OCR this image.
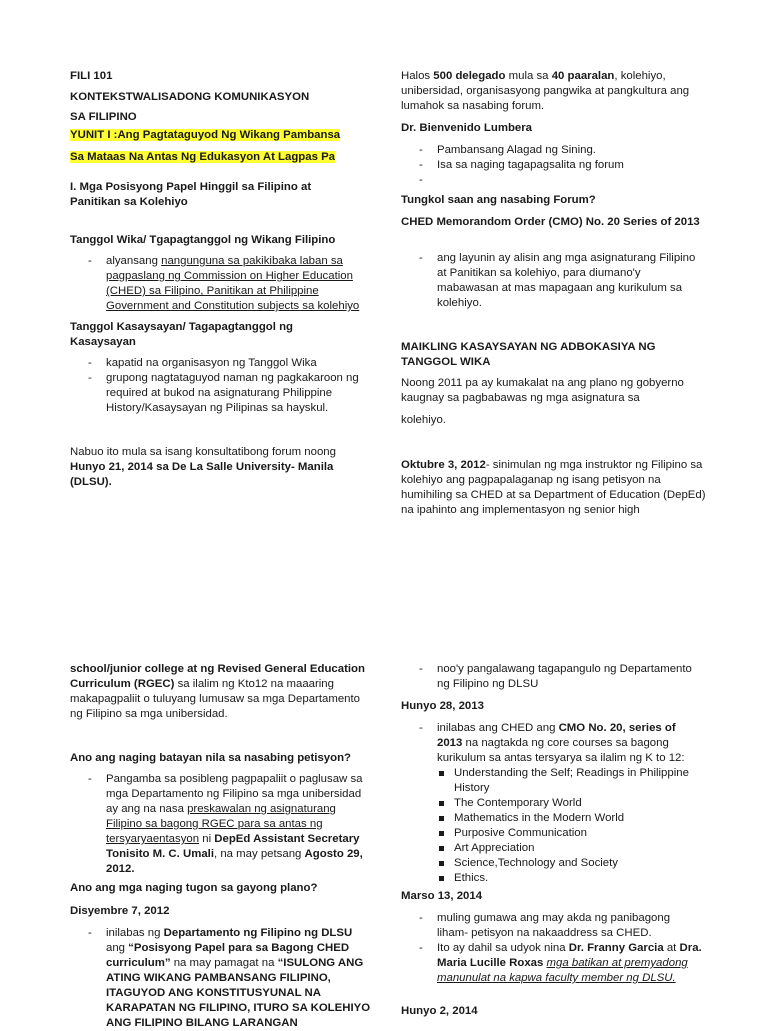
FILI 101
KONTEKSTWALISADONG KOMUNIKASYON
SA FILIPINO
YUNIT I :Ang Pagtataguyod Ng Wikang Pambansa
Sa Mataas Na Antas Ng Edukasyon At Lagpas Pa
I. Mga Posisyong Papel Hinggil sa Filipino at Panitikan sa Kolehiyo
Tanggol Wika/ Tgapagtanggol ng Wikang Filipino
- alyansang nangunguna sa pakikibaka laban sa pagpaslang ng Commission on Higher Education (CHED) sa Filipino, Panitikan at Philippine Government and Constitution subjects sa kolehiyo
Tanggol Kasaysayan/ Tagapagtanggol ng Kasaysayan
- kapatid na organisasyon ng Tanggol Wika
- grupong nagtataguyod naman ng pagkakaroon ng required at bukod na asignaturang Philippine History/Kasaysayan ng Pilipinas sa hayskul.
Nabuo ito mula sa isang konsultatibong forum noong Hunyo 21, 2014 sa De La Salle University- Manila (DLSU).
Halos 500 delegado mula sa 40 paaralan, kolehiyo, unibersidad, organisasyong pangwika at pangkultura ang lumahok sa nasabing forum.
Dr. Bienvenido Lumbera
- Pambansang Alagad ng Sining.
- Isa sa naging tagapagsalita ng forum
-
Tungkol saan ang nasabing Forum?
CHED Memorandom Order (CMO) No. 20 Series of 2013
- ang layunin ay alisin ang mga asignaturang Filipino at Panitikan sa kolehiyo, para diumano'y mabawasan at mas mapagaan ang kurikulum sa kolehiyo.
MAIKLING KASAYSAYAN NG ADBOKASIYA NG TANGGOL WIKA
Noong 2011 pa ay kumakalat na ang plano ng gobyerno kaugnay sa pagbabawas ng mga asignatura sa
kolehiyo.
Oktubre 3, 2012- sinimulan ng mga instruktor ng Filipino sa kolehiyo ang pagpapalaganap ng isang petisyon na humihiling sa CHED at sa Department of Education (DepEd) na ipahinto ang implementasyon ng senior high
school/junior college at ng Revised General Education Curriculum (RGEC) sa ilalim ng Kto12 na maaaring makapagpaliit o tuluyang lumusaw sa mga Departamento ng Filipino sa mga unibersidad.
Ano ang naging batayan nila sa nasabing petisyon?
- Pangamba sa posibleng pagpapaliit o paglusaw sa mga Departamento ng Filipino sa mga unibersidad ay ang na nasa preskawalan ng asignaturang Filipino sa bagong RGEC para sa antas ng tersyaryaentasyon ni DepEd Assistant Secretary Tonisito M. C. Umali, na may petsang Agosto 29, 2012.
Ano ang mga naging tugon sa gayong plano?
Disyembre 7, 2012
- inilabas ng Departamento ng Filipino ng DLSU ang “Posisyong Papel para sa Bagong CHED curriculum” na may pamagat na “ISULONG ANG ATING WIKANG PAMBANSANG FILIPINO, ITAGUYOD ANG KONSTITUSYUNAL NA KARAPATAN NG FILIPINO, ITURO SA KOLEHIYO ANG FILIPINO BILANG LARANGAN
- noo'y pangalawang tagapangulo ng Departamento ng Filipino ng DLSU
Hunyo 28, 2013
- inilabas ang CHED ang CMO No. 20, series of 2013 na nagtakda ng core courses sa bagong kurikulum sa antas tersyarya sa ilalim ng K to 12:
Understanding the Self; Readings in Philippine History
The Contemporary World
Mathematics in the Modern World
Purposive Communication
Art Appreciation
Science,Technology and Society
Ethics.
Marso 13, 2014
- muling gumawa ang may akda ng panibagong liham- petisyon na nakaaddress sa CHED.
- Ito ay dahil sa udyok nina Dr. Franny Garcia at Dra. Maria Lucille Roxas mga batikan at premyadong manunulat na kapwa faculty member ng DLSU.
Hunyo 2, 2014
